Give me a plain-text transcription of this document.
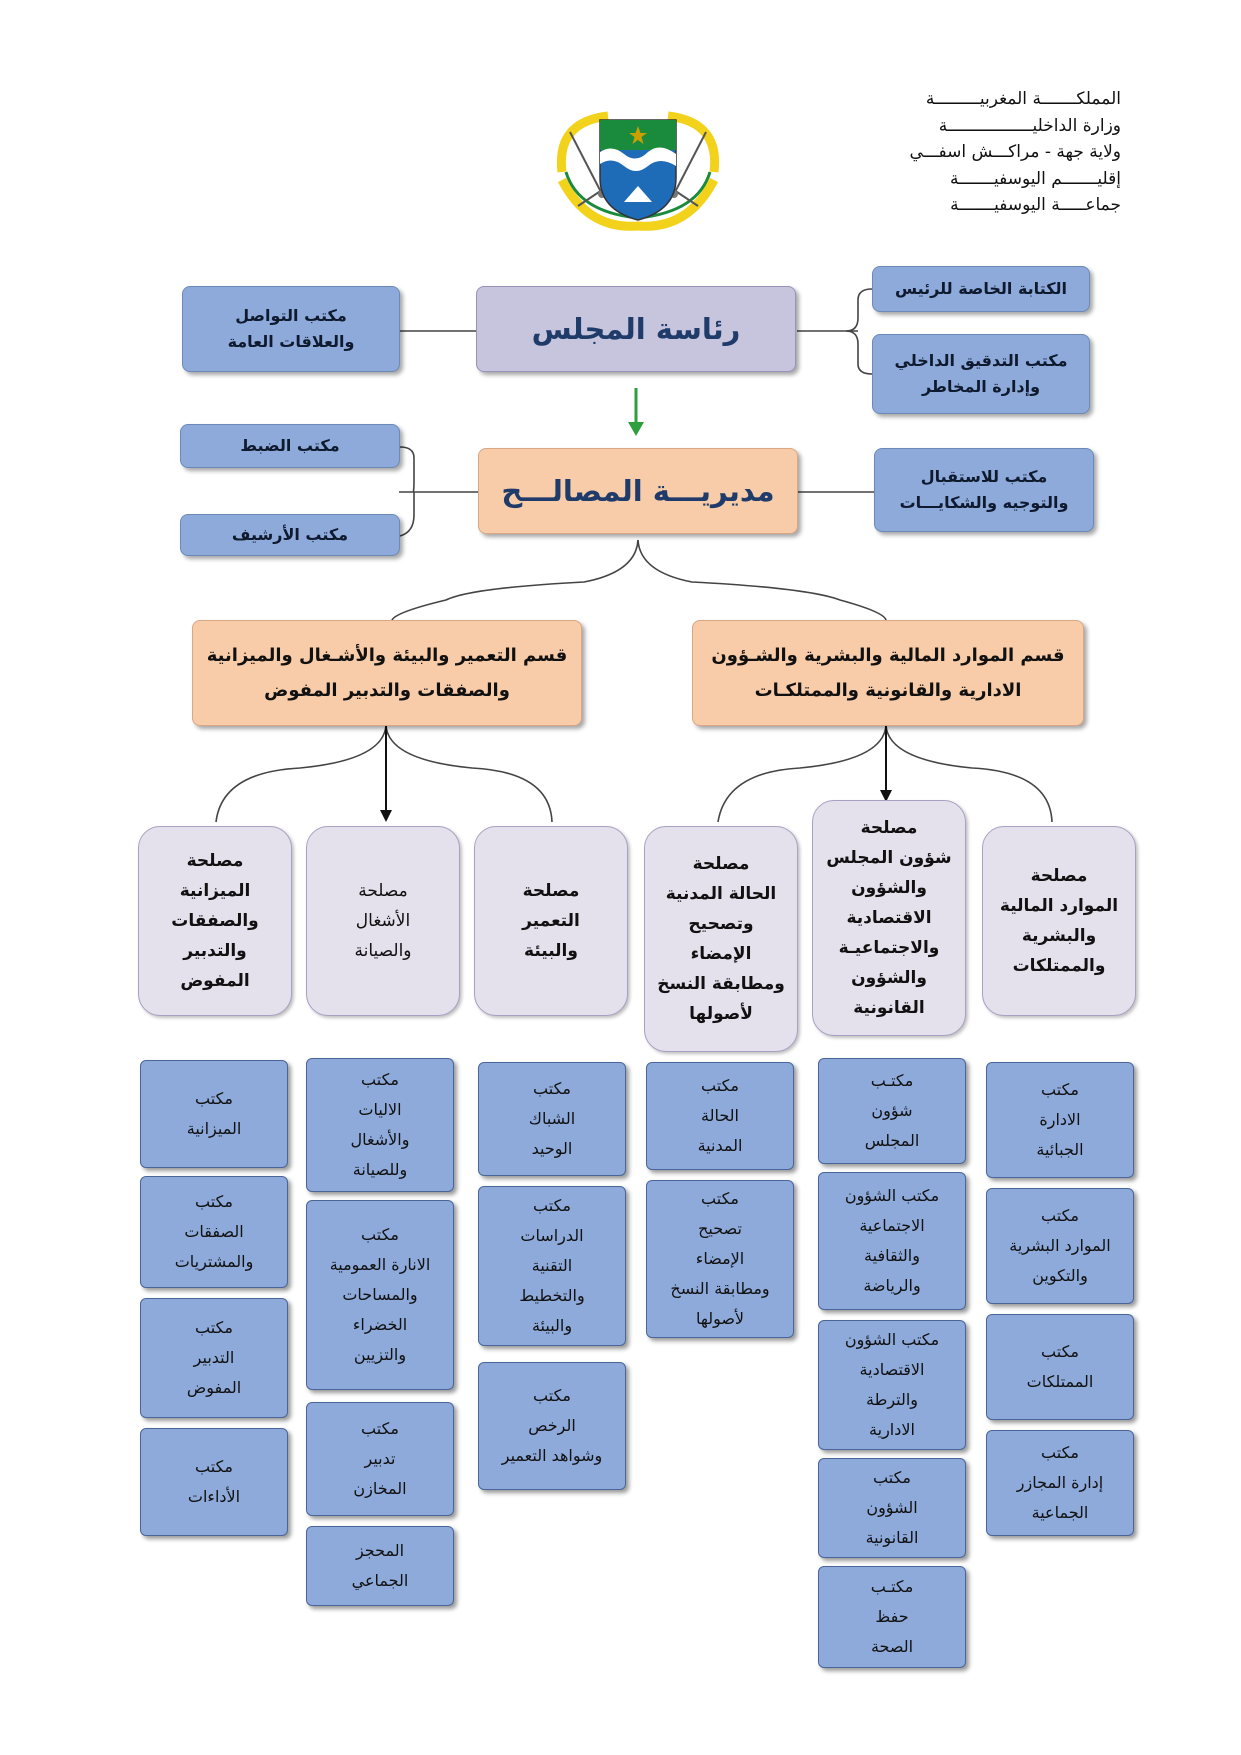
المملكـــــــة المغربيـــــــــة
وزارة الداخليـــــــــــــــــة
ولاية جهة - مراكـــش اسفـــي
إقليـــــــم اليوسفيـــــــة
جماعـــــة اليوسفيـــــــة
رئاسة المجلس
مكتب التواصل
والعلاقات العامة
الكتابة الخاصة للرئيس
مكتب التدقيق الداخلي
وإدارة المخاطر
مديريـــة المصالـــح
مكتب الضبط
مكتب الأرشيف
مكتب للاستقبال
والتوجيه والشكايـــات
قسم الموارد المالية والبشرية والشـؤون
الادارية والقانونية والممتلكـات
قسم التعمير والبيئة والأشـغال والميزانية
والصفقات والتدبير المفوض
مصلحة
الموارد المالية
والبشرية
والممتلكات
مصلحة
شؤون المجلس
والشؤون
الاقتصادية
والاجتماعيـة
والشؤون
القانونية
مصلحة
الحالة المدنية
وتصحيح
الإمضاء
ومطابقة النسخ
لأصولها
مصلحة
التعمير
والبيئة
مصلحة
الأشغال
والصيانة
مصلحة
الميزانية
والصفقات
والتدبير
المفوض
مكتب
الادارة
الجبائية
مكتب
الموارد البشرية
والتكوين
مكتب
الممتلكات
مكتب
إدارة المجازر
الجماعية
مكتـب
شؤون
المجلس
مكتب الشؤون
الاجتماعية
والثقافية
والرياضة
مكتب الشؤون
الاقتصادية
والترطة
الادارية
مكتب
الشؤون
القانونية
مكتـب
حفظ
الصحة
مكتب
الحالة
المدنية
مكتب
تصحيح
الإمضاء
ومطابقة النسخ
لأصولها
مكتب
الشباك
الوحيد
مكتب
الدراسات
التقنية
والتخطيط
والبيئة
مكتب
الرخص
وشواهد التعمير
مكتب
الاليات
والأشغال
وللصيانة
مكتب
الانارة العمومية
والمساحات
الخضراء
والتزيين
مكتب
تدبير
المخازن
المحجز
الجماعي
مكتب
الميزانية
مكتب
الصفقات
والمشتريات
مكتب
التدبير
المفوض
مكتب
الأداءات
